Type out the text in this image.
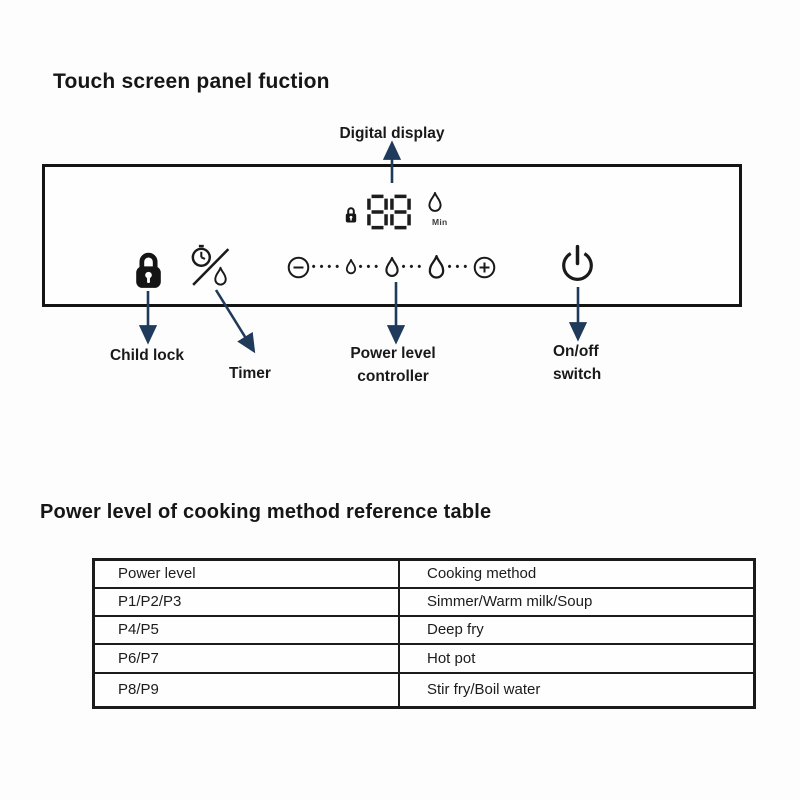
Touch screen panel fuction
Power level of cooking method reference table
Digital display
Child lock
Timer
Power level
controller
On/off
switch
Min
•••• ••• ••• •••
Power level	Cooking method
P1/P2/P3	Simmer/Warm milk/Soup
P4/P5	Deep fry
P6/P7	Hot pot
P8/P9	Stir fry/Boil water
